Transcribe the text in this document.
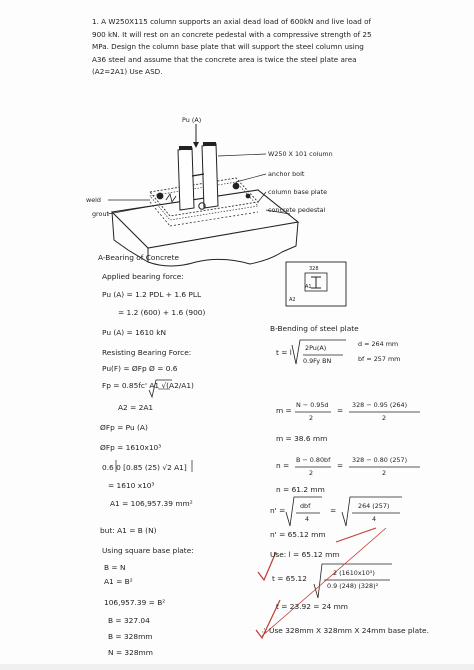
1. A W250X115 column supports an axial dead load of 600kN and live load of 900 kN. It will rest on an concrete pedestal with a compressive strength of 25 MPa. Design the column base plate that will support the steel column using A36 steel and assume that the concrete area is twice the steel plate area (A2=2A1) Use ASD.
Pu (A)
W250 X 101 column
anchor bolt
column base plate
concrete pedestal
weld
grout
328
A1
A2
A-Bearing of Concrete
Applied bearing force:
Pu (A) = 1.2 PDL + 1.6 PLL
= 1.2 (600) + 1.6 (900)
Pu (A) = 1610 kN
Resisting Bearing Force:
Pu(F) = ØFp Ø = 0.6
Fp = 0.85fc' A1 √(A2/A1)
A2 = 2A1
ØFp = Pu (A)
ØFp = 1610x10³
0.6 0 [0.85 (25) √2 A1]
= 1610 x10³
A1 = 106,957.39 mm²
but: A1 = B (N)
Using square base plate:
B = N
A1 = B²
106,957.39 = B²
B = 327.04
B = 328mm
N = 328mm
B-Bending of steel plate
t = l 2Pu(A)
0.9Fy BN
d = 264 mm
bf = 257 mm
m =
N − 0.95d
2
=
328 − 0.95 (264)
2
m = 38.6 mm
n =
B − 0.80bf
2
=
328 − 0.80 (257)
2
n = 61.2 mm
n' = dbf
4
=	264 (257)
4
n' = 65.12 mm
Use: l = 65.12 mm
t = 65.12
2 (1610x10³)
0.9 (248) (328)²
t = 23.92 = 24 mm
∴ Use 328mm X 328mm X 24mm base plate.
